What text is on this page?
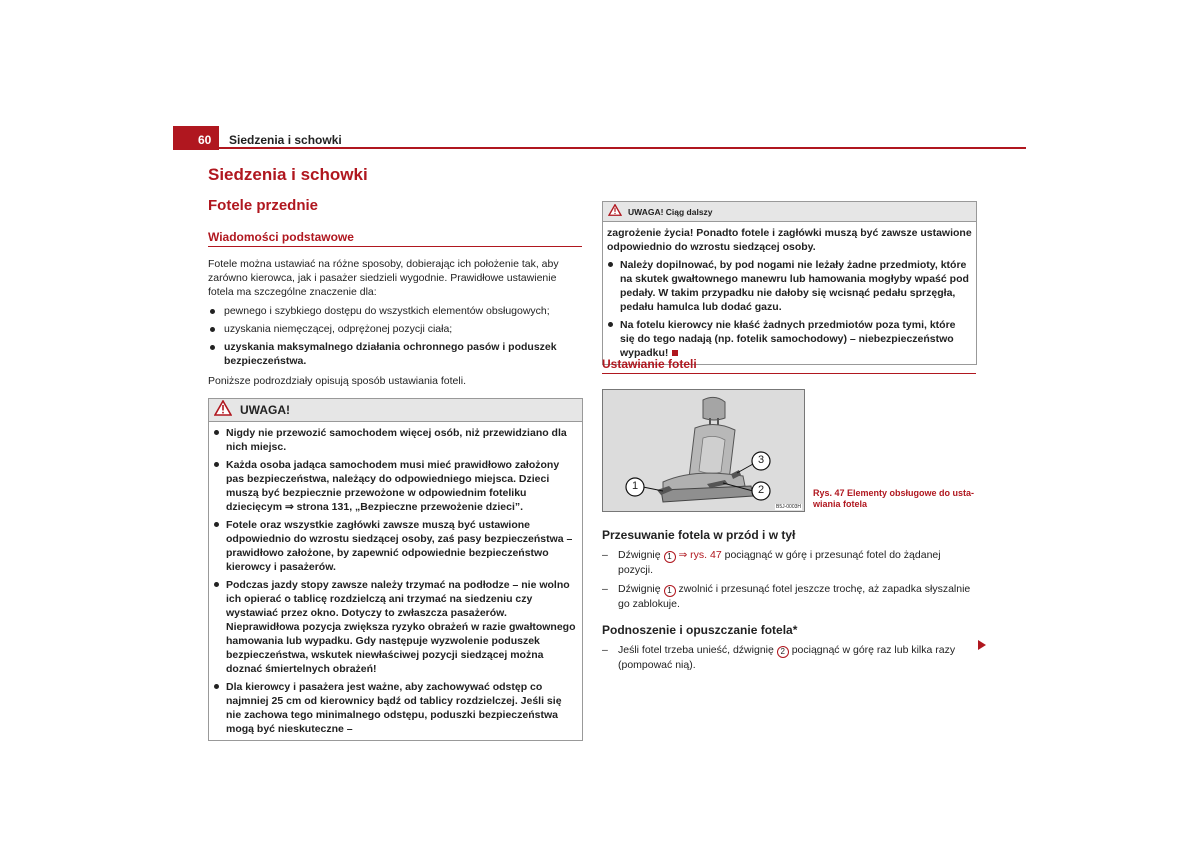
60 Siedzenia i schowki
Siedzenia i schowki
Fotele przednie
Wiadomości podstawowe

Fotele można ustawiać na różne sposoby, dobierając ich położenie tak, aby zarówno kierowca, jak i pasażer siedzieli wygodnie. Prawidłowe ustawienie fotela ma szczególne znaczenie dla:

pewnego i szybkiego dostępu do wszystkich elementów obsługowych;

uzyskania niemęczącej, odprężonej pozycji ciała;

uzyskania maksymalnego działania ochronnego pasów i poduszek bezpieczeństwa.

Poniższe podrozdziały opisują sposób ustawiania foteli.

UWAGA!

Nigdy nie przewozić samochodem więcej osób, niż przewidziano dla nich miejsc.

Każda osoba jadąca samochodem musi mieć prawidłowo założony pas bezpieczeństwa, należący do odpowiedniego miejsca. Dzieci muszą być bezpiecznie przewożone w odpowiednim foteliku dziecięcym ⇒ strona 131, „Bezpieczne przewożenie dzieci”.

Fotele oraz wszystkie zagłówki zawsze muszą być ustawione odpowiednio do wzrostu siedzącej osoby, zaś pasy bezpieczeństwa – prawidłowo założone, by zapewnić odpowiednie bezpieczeństwo kierowcy i pasażerów.

Podczas jazdy stopy zawsze należy trzymać na podłodze – nie wolno ich opierać o tablicę rozdzielczą ani trzymać na siedzeniu czy wystawiać przez okno. Dotyczy to zwłaszcza pasażerów. Nieprawidłowa pozycja zwiększa ryzyko obrażeń w razie gwałtownego hamowania lub wypadku. Gdy następuje wyzwolenie poduszek bezpieczeństwa, wskutek niewłaściwej pozycji siedzącej można doznać śmiertelnych obrażeń!

Dla kierowcy i pasażera jest ważne, aby zachowywać odstęp co najmniej 25 cm od kierownicy bądź od tablicy rozdzielczej. Jeśli się nie zachowa tego minimalnego odstępu, poduszki bezpieczeństwa mogą być nieskuteczne –

UWAGA! Ciąg dalszy

zagrożenie życia! Ponadto fotele i zagłówki muszą być zawsze ustawione odpowiednio do wzrostu siedzącej osoby.

Należy dopilnować, by pod nogami nie leżały żadne przedmioty, które na skutek gwałtownego manewru lub hamowania mogłyby wpaść pod pedały. W takim przypadku nie dałoby się wcisnąć pedału sprzęgła, pedału hamulca lub dodać gazu.

Na fotelu kierowcy nie kłaść żadnych przedmiotów poza tymi, które się do tego nadają (np. fotelik samochodowy) – niebezpieczeństwo wypadku!

Ustawianie foteli
1	2
3
B5J-0003H
Rys. 47 Elementy obsługowe do ustawiania fotela

Przesuwanie fotela w przód i w tył

– Dźwignię 1 ⇒ rys. 47 pociągnąć w górę i przesunąć fotel do żądanej pozycji.

– Dźwignię 1 zwolnić i przesunąć fotel jeszcze trochę, aż zapadka słyszalnie go zablokuje.

Podnoszenie i opuszczanie fotela*

– Jeśli fotel trzeba unieść, dźwignię 2 pociągnąć w górę raz lub kilka razy (pompować nią).
